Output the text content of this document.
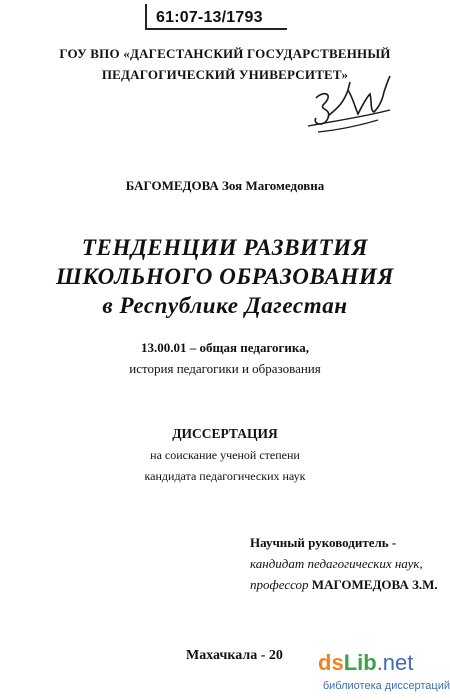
61:07-13/1793
ГОУ ВПО «ДАГЕСТАНСКИЙ ГОСУДАРСТВЕННЫЙ
ПЕДАГОГИЧЕСКИЙ УНИВЕРСИТЕТ»
БАГОМЕДОВА Зоя Магомедовна
ТЕНДЕНЦИИ РАЗВИТИЯ
ШКОЛЬНОГО ОБРАЗОВАНИЯ
в Республике Дагестан
13.00.01 – общая педагогика,
история педагогики и образования
ДИССЕРТАЦИЯ
на соискание ученой степени
кандидата педагогических наук
Научный руководитель -
кандидат педагогических наук,
профессор МАГОМЕДОВА З.М.
Махачкала - 20 dsLib.net
библиотека диссертаций
